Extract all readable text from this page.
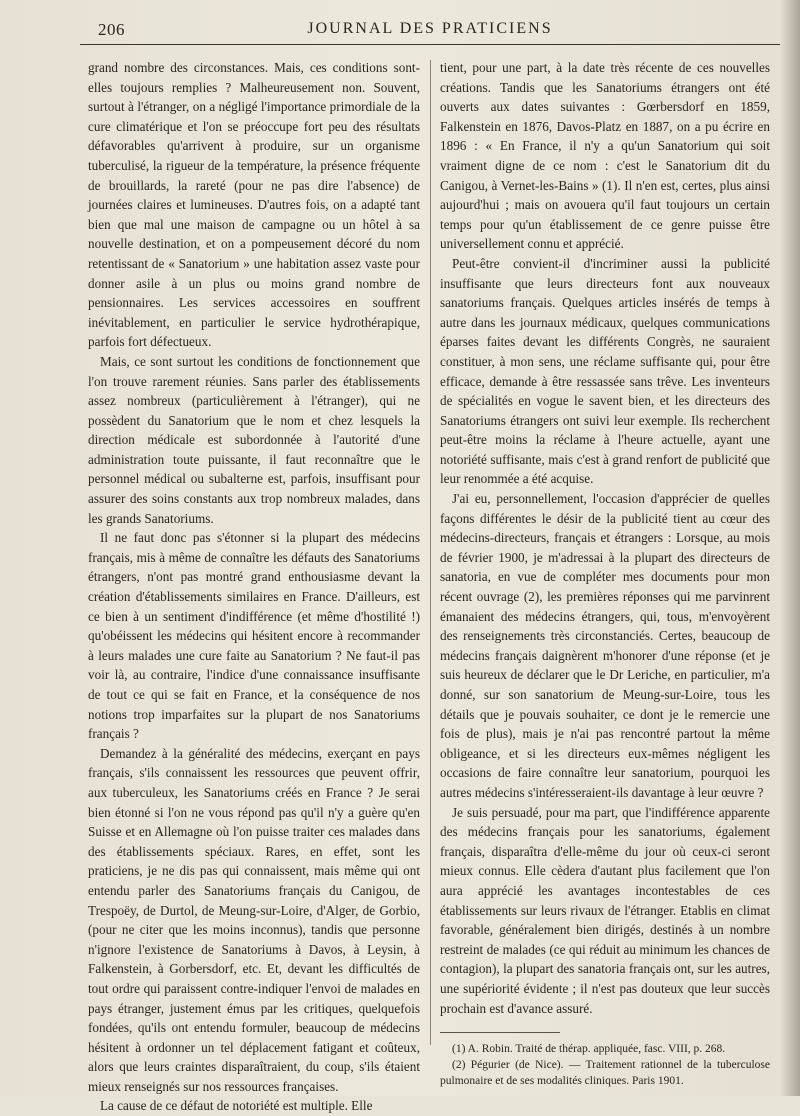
206	JOURNAL DES PRATICIENS

grand nombre des circonstances. Mais, ces conditions sont-elles toujours remplies ? Malheureusement non. Souvent, surtout à l'étranger, on a négligé l'importance primordiale de la cure climatérique et l'on se préoccupe fort peu des résultats défavorables qu'arrivent à produire, sur un organisme tuberculisé, la rigueur de la température, la présence fréquente de brouillards, la rareté (pour ne pas dire l'absence) de journées claires et lumineuses. D'autres fois, on a adapté tant bien que mal une maison de campagne ou un hôtel à sa nouvelle destination, et on a pompeusement décoré du nom retentissant de « Sanatorium » une habitation assez vaste pour donner asile à un plus ou moins grand nombre de pensionnaires. Les services accessoires en souffrent inévitablement, en particulier le service hydrothérapique, parfois fort défectueux.

Mais, ce sont surtout les conditions de fonctionnement que l'on trouve rarement réunies. Sans parler des établissements assez nombreux (particulièrement à l'étranger), qui ne possèdent du Sanatorium que le nom et chez lesquels la direction médicale est subordonnée à l'autorité d'une administration toute puissante, il faut reconnaître que le personnel médical ou subalterne est, parfois, insuffisant pour assurer des soins constants aux trop nombreux malades, dans les grands Sanatoriums.

Il ne faut donc pas s'étonner si la plupart des médecins français, mis à même de connaître les défauts des Sanatoriums étrangers, n'ont pas montré grand enthousiasme devant la création d'établissements similaires en France. D'ailleurs, est ce bien à un sentiment d'indifférence (et même d'hostilité !) qu'obéissent les médecins qui hésitent encore à recommander à leurs malades une cure faite au Sanatorium ? Ne faut-il pas voir là, au contraire, l'indice d'une connaissance insuffisante de tout ce qui se fait en France, et la conséquence de nos notions trop imparfaites sur la plupart de nos Sanatoriums français ?

Demandez à la généralité des médecins, exerçant en pays français, s'ils connaissent les ressources que peuvent offrir, aux tuberculeux, les Sanatoriums créés en France ? Je serai bien étonné si l'on ne vous répond pas qu'il n'y a guère qu'en Suisse et en Allemagne où l'on puisse traiter ces malades dans des établissements spéciaux. Rares, en effet, sont les praticiens, je ne dis pas qui connaissent, mais même qui ont entendu parler des Sanatoriums français du Canigou, de Trespoëy, de Durtol, de Meung-sur-Loire, d'Alger, de Gorbio, (pour ne citer que les moins inconnus), tandis que personne n'ignore l'existence de Sanatoriums à Davos, à Leysin, à Falkenstein, à Gorbersdorf, etc. Et, devant les difficultés de tout ordre qui paraissent contre-indiquer l'envoi de malades en pays étranger, justement émus par les critiques, quelquefois fondées, qu'ils ont entendu formuler, beaucoup de médecins hésitent à ordonner un tel déplacement fatigant et coûteux, alors que leurs craintes disparaîtraient, du coup, s'ils étaient mieux renseignés sur nos ressources françaises.

La cause de ce défaut de notoriété est multiple. Elle

tient, pour une part, à la date très récente de ces nouvelles créations. Tandis que les Sanatoriums étrangers ont été ouverts aux dates suivantes : Gœrbersdorf en 1859, Falkenstein en 1876, Davos-Platz en 1887, on a pu écrire en 1896 : « En France, il n'y a qu'un Sanatorium qui soit vraiment digne de ce nom : c'est le Sanatorium dit du Canigou, à Vernet-les-Bains » (1). Il n'en est, certes, plus ainsi aujourd'hui ; mais on avouera qu'il faut toujours un certain temps pour qu'un établissement de ce genre puisse être universellement connu et apprécié.

Peut-être convient-il d'incriminer aussi la publicité insuffisante que leurs directeurs font aux nouveaux sanatoriums français. Quelques articles insérés de temps à autre dans les journaux médicaux, quelques communications éparses faites devant les différents Congrès, ne sauraient constituer, à mon sens, une réclame suffisante qui, pour être efficace, demande à être ressassée sans trêve. Les inventeurs de spécialités en vogue le savent bien, et les directeurs des Sanatoriums étrangers ont suivi leur exemple. Ils recherchent peut-être moins la réclame à l'heure actuelle, ayant une notoriété suffisante, mais c'est à grand renfort de publicité que leur renommée a été acquise.

J'ai eu, personnellement, l'occasion d'apprécier de quelles façons différentes le désir de la publicité tient au cœur des médecins-directeurs, français et étrangers : Lorsque, au mois de février 1900, je m'adressai à la plupart des directeurs de sanatoria, en vue de compléter mes documents pour mon récent ouvrage (2), les premières réponses qui me parvinrent émanaient des médecins étrangers, qui, tous, m'envoyèrent des renseignements très circonstanciés. Certes, beaucoup de médecins français daignèrent m'honorer d'une réponse (et je suis heureux de déclarer que le Dr Leriche, en particulier, m'a donné, sur son sanatorium de Meung-sur-Loire, tous les détails que je pouvais souhaiter, ce dont je le remercie une fois de plus), mais je n'ai pas rencontré partout la même obligeance, et si les directeurs eux-mêmes négligent les occasions de faire connaître leur sanatorium, pourquoi les autres médecins s'intéresseraient-ils davantage à leur œuvre ?

Je suis persuadé, pour ma part, que l'indifférence apparente des médecins français pour les sanatoriums, également français, disparaîtra d'elle-même du jour où ceux-ci seront mieux connus. Elle cèdera d'autant plus facilement que l'on aura apprécié les avantages incontestables de ces établissements sur leurs rivaux de l'étranger. Etablis en climat favorable, généralement bien dirigés, destinés à un nombre restreint de malades (ce qui réduit au minimum les chances de contagion), la plupart des sanatoria français ont, sur les autres, une supériorité évidente ; il n'est pas douteux que leur succès prochain est d'avance assuré.

(1) A. Robin. Traité de thérap. appliquée, fasc. VIII, p. 268.

(2) Pégurier (de Nice). — Traitement rationnel de la tuberculose pulmonaire et de ses modalités cliniques. Paris 1901.
